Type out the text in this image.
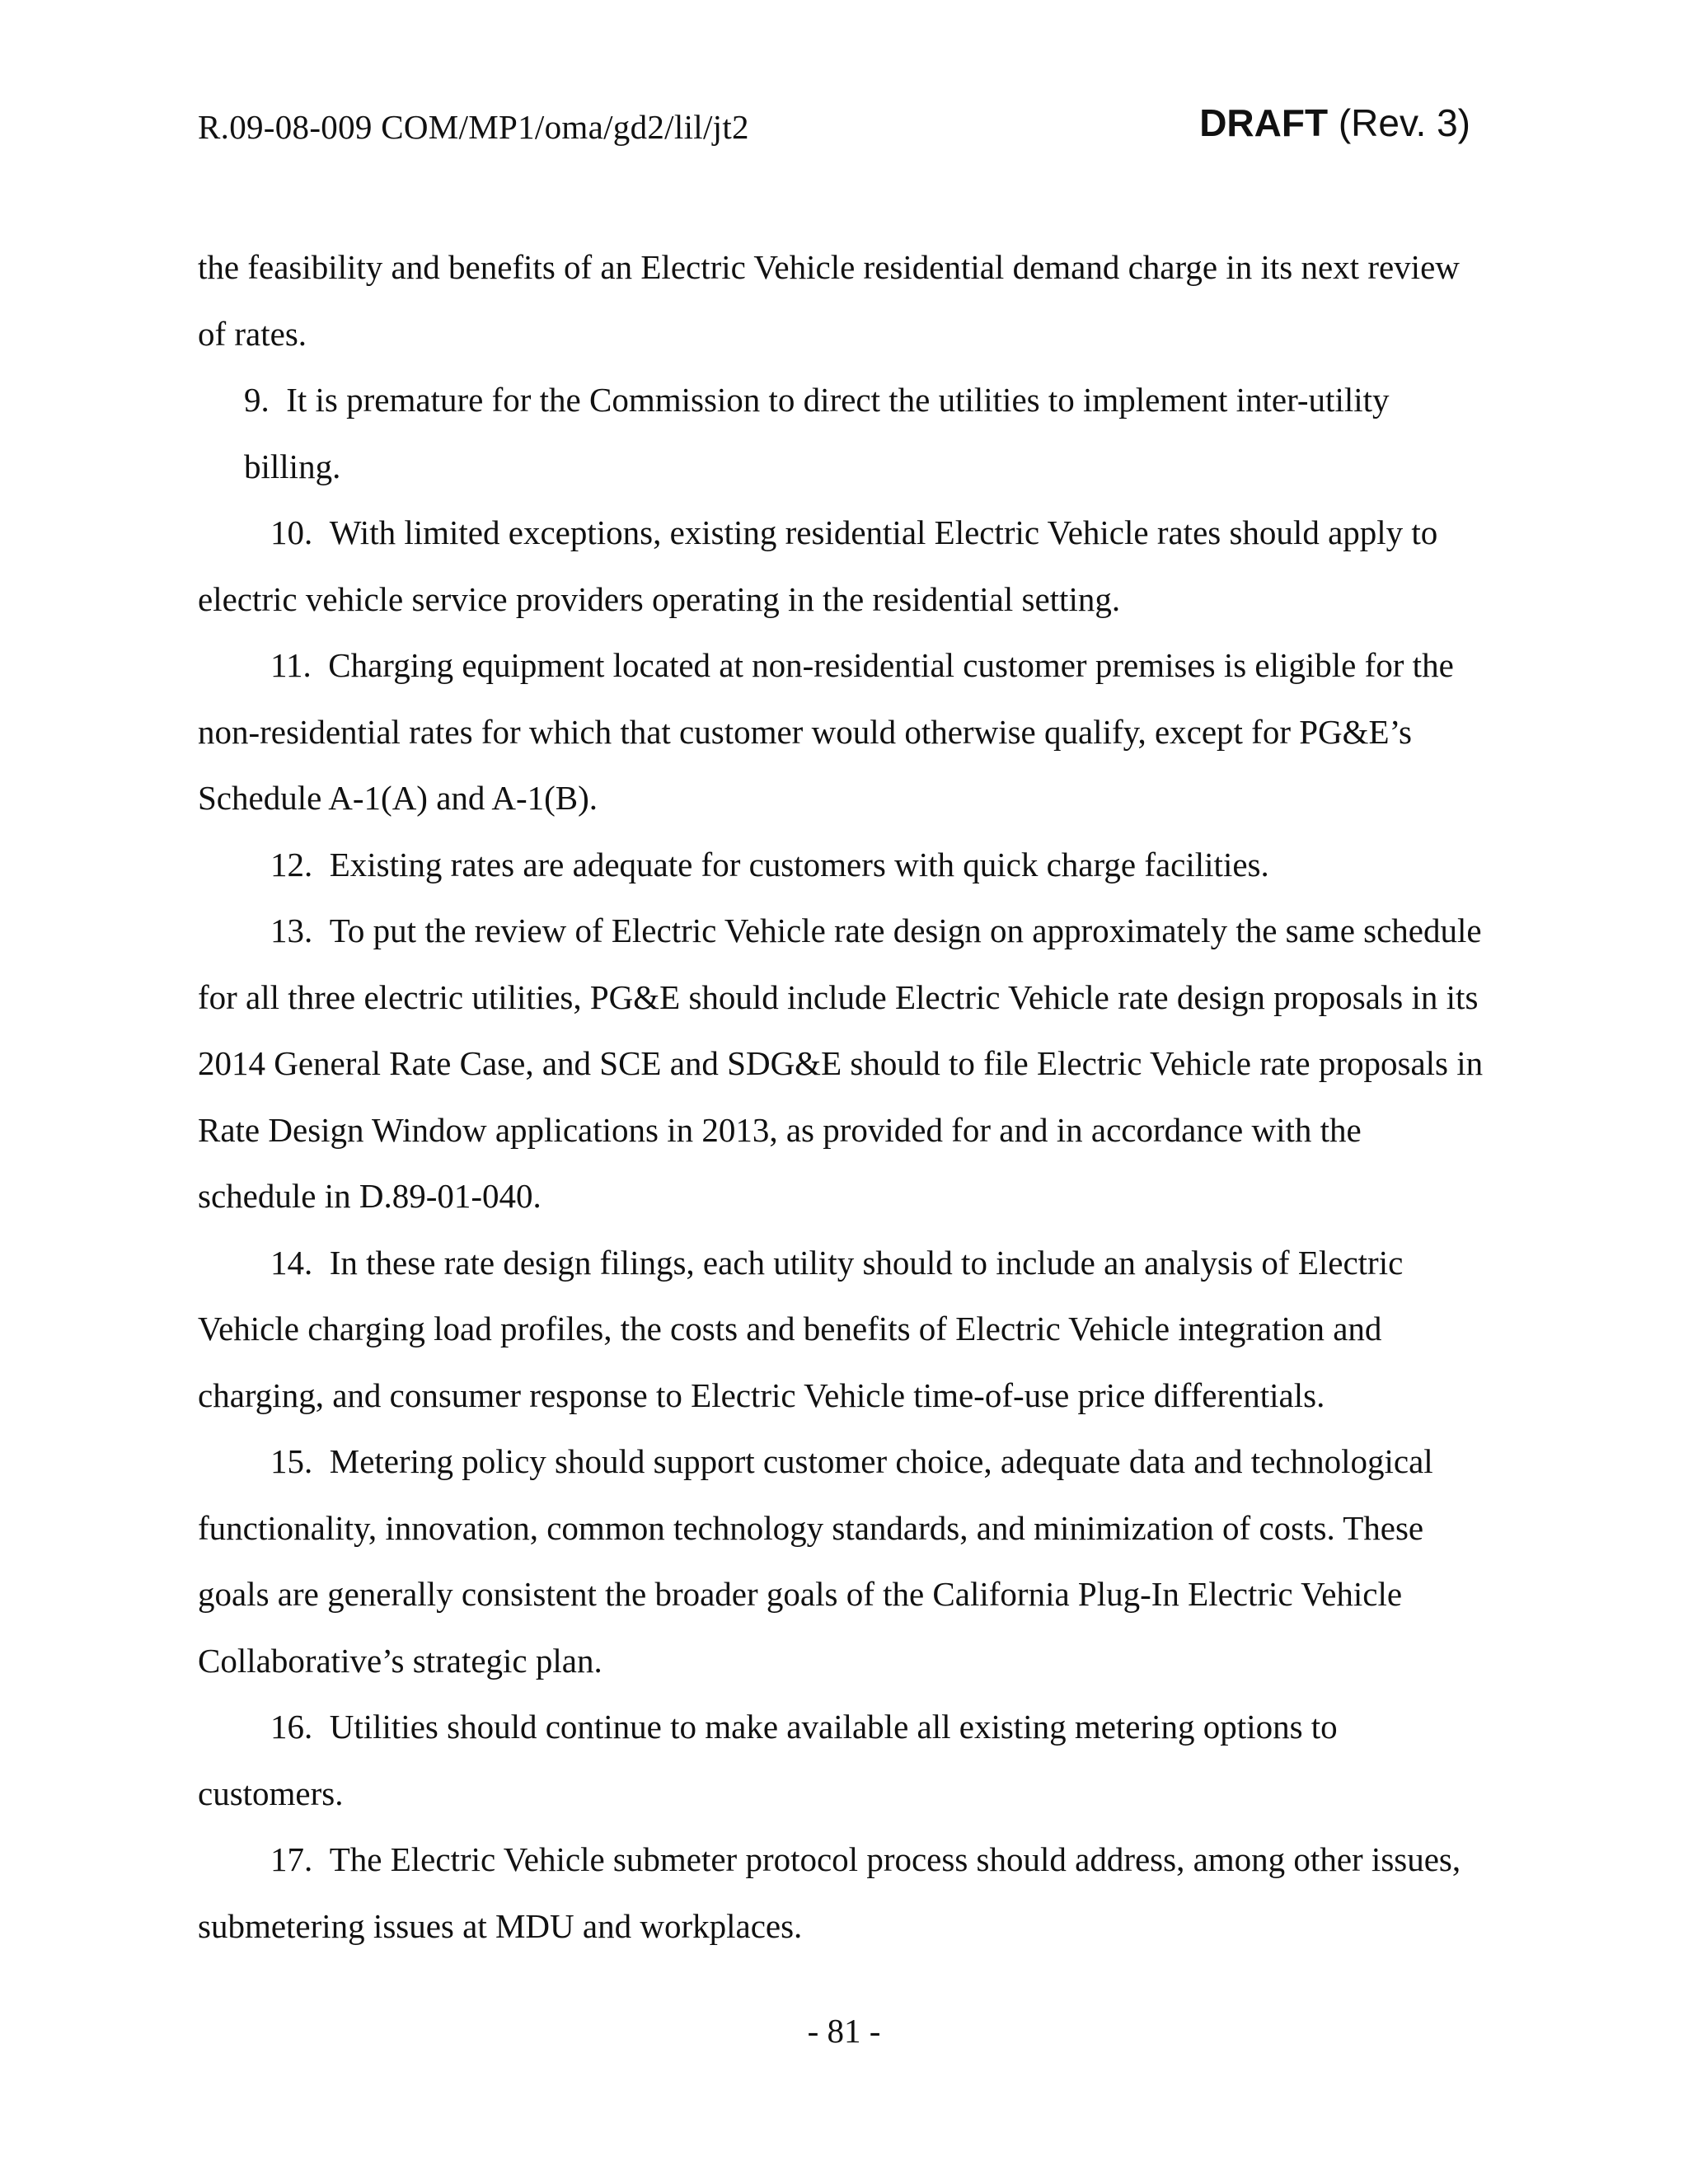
R.09-08-009 COM/MP1/oma/gd2/lil/jt2	DRAFT (Rev. 3)

the feasibility and benefits of an Electric Vehicle residential demand charge in its next review of rates.

9. It is premature for the Commission to direct the utilities to implement inter-utility billing.

10. With limited exceptions, existing residential Electric Vehicle rates should apply to electric vehicle service providers operating in the residential setting.

11. Charging equipment located at non-residential customer premises is eligible for the non-residential rates for which that customer would otherwise qualify, except for PG&E’s Schedule A-1(A) and A-1(B).

12. Existing rates are adequate for customers with quick charge facilities.

13. To put the review of Electric Vehicle rate design on approximately the same schedule for all three electric utilities, PG&E should include Electric Vehicle rate design proposals in its 2014 General Rate Case, and SCE and SDG&E should to file Electric Vehicle rate proposals in Rate Design Window applications in 2013, as provided for and in accordance with the schedule in D.89-01-040.

14. In these rate design filings, each utility should to include an analysis of Electric Vehicle charging load profiles, the costs and benefits of Electric Vehicle integration and charging, and consumer response to Electric Vehicle time-of-use price differentials.

15. Metering policy should support customer choice, adequate data and technological functionality, innovation, common technology standards, and minimization of costs. These goals are generally consistent the broader goals of the California Plug-In Electric Vehicle Collaborative’s strategic plan.

16. Utilities should continue to make available all existing metering options to customers.

17. The Electric Vehicle submeter protocol process should address, among other issues, submetering issues at MDU and workplaces.

- 81 -
